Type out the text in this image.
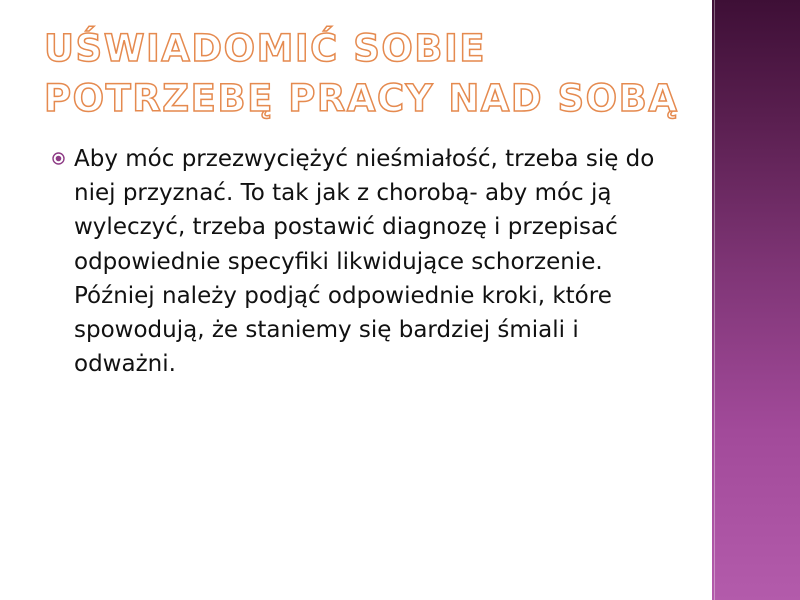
UŚWIADOMIĆ SOBIE POTRZEBĘ PRACY NAD SOBĄ
Aby móc przezwyciężyć nieśmiałość, trzeba się do niej przyznać. To tak jak z chorobą- aby móc ją wyleczyć, trzeba postawić diagnozę i przepisać odpowiednie specyfiki likwidujące schorzenie. Później należy podjąć odpowiednie kroki, które spowodują, że staniemy się bardziej śmiali i odważni.
